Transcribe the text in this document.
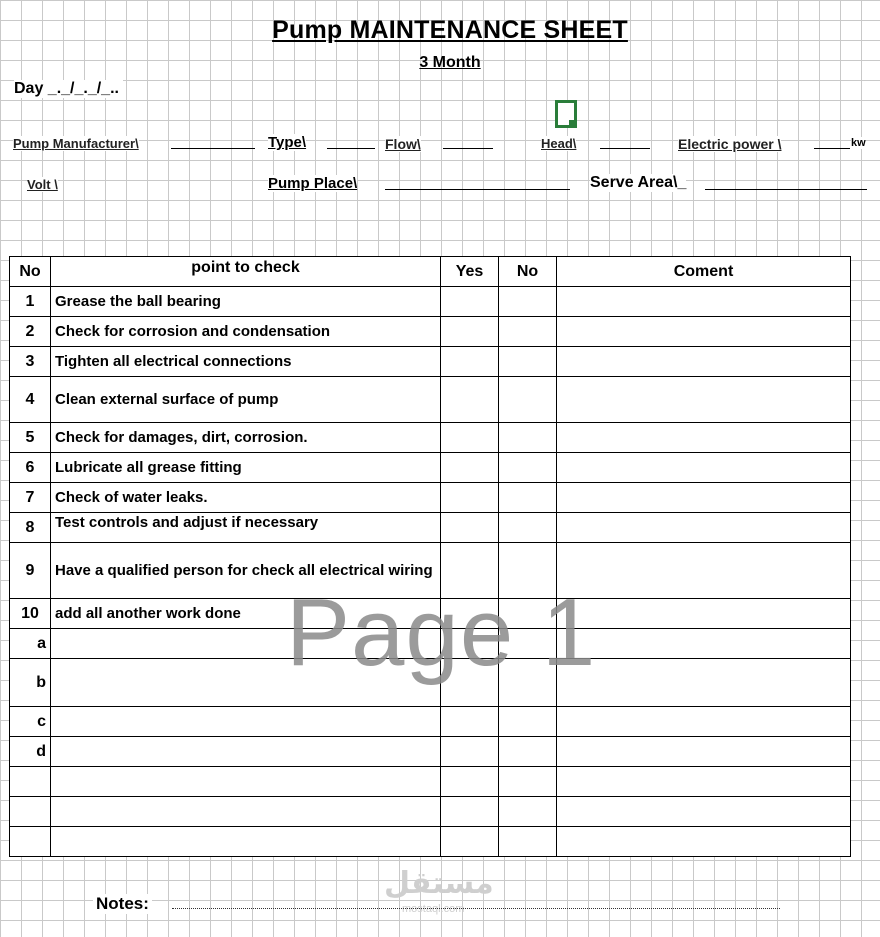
Pump MAINTENANCE SHEET
3 Month
Day _._/_._/_..
Pump Manufacturer\	Type\	Flow\	Head\	Electric power \	kw
Volt \	Pump Place\	Serve Area\_
No	point to check	Yes	No	Coment
1	Grease the ball bearing			
2	Check for corrosion and condensation			
3	Tighten all electrical connections			
4	Clean external surface of pump			
5	Check for damages, dirt, corrosion.			
6	Lubricate all grease fitting			
7	Check of water leaks.			
8	Test controls and adjust if necessary			
9	Have a qualified person for check all electrical wiring			
10	add all another work done			
a				
b				
c				
d				

Page 1
مستقل
mostaql.com
Notes:
